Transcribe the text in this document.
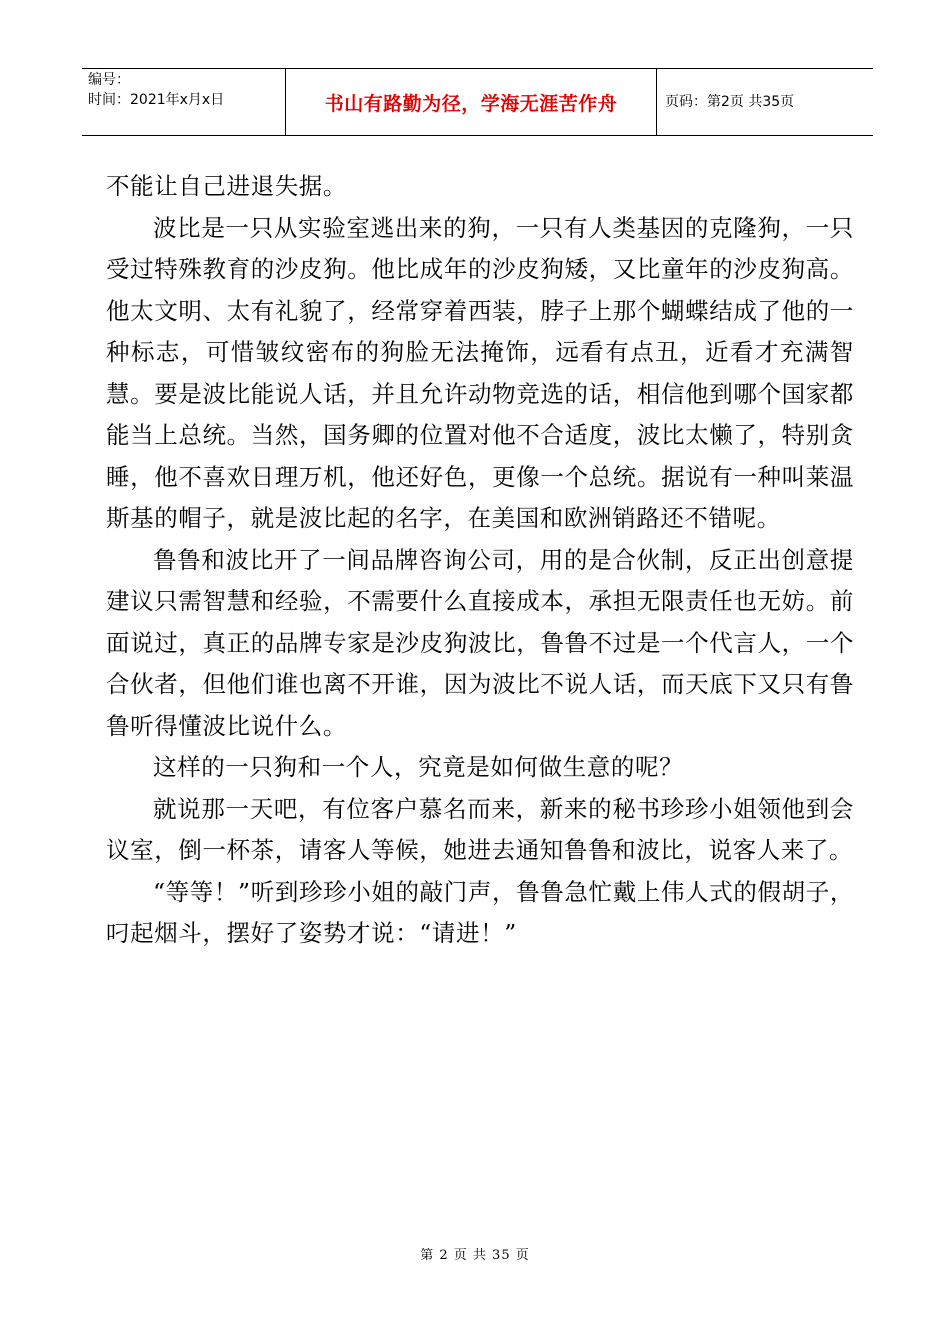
编号：
时间：2021年x月x日	书山有路勤为径，学海无涯苦作舟	页码：第2页 共35页

不能让自己进退失据。

波比是一只从实验室逃出来的狗，一只有人类基因的克隆狗，一只受过特殊教育的沙皮狗。他比成年的沙皮狗矮，又比童年的沙皮狗高。他太文明、太有礼貌了，经常穿着西装，脖子上那个蝴蝶结成了他的一种标志，可惜皱纹密布的狗脸无法掩饰，远看有点丑，近看才充满智慧。要是波比能说人话，并且允许动物竞选的话，相信他到哪个国家都能当上总统。当然，国务卿的位置对他不合适度，波比太懒了，特别贪睡，他不喜欢日理万机，他还好色，更像一个总统。据说有一种叫莱温斯基的帽子，就是波比起的名字，在美国和欧洲销路还不错呢。

鲁鲁和波比开了一间品牌咨询公司，用的是合伙制，反正出创意提建议只需智慧和经验，不需要什么直接成本，承担无限责任也无妨。前面说过，真正的品牌专家是沙皮狗波比，鲁鲁不过是一个代言人，一个合伙者，但他们谁也离不开谁，因为波比不说人话，而天底下又只有鲁鲁听得懂波比说什么。

这样的一只狗和一个人，究竟是如何做生意的呢？

就说那一天吧，有位客户慕名而来，新来的秘书珍珍小姐领他到会议室，倒一杯茶，请客人等候，她进去通知鲁鲁和波比，说客人来了。

“等等！”听到珍珍小姐的敲门声，鲁鲁急忙戴上伟人式的假胡子，叼起烟斗，摆好了姿势才说：“请进！”

第 2 页 共 35 页
